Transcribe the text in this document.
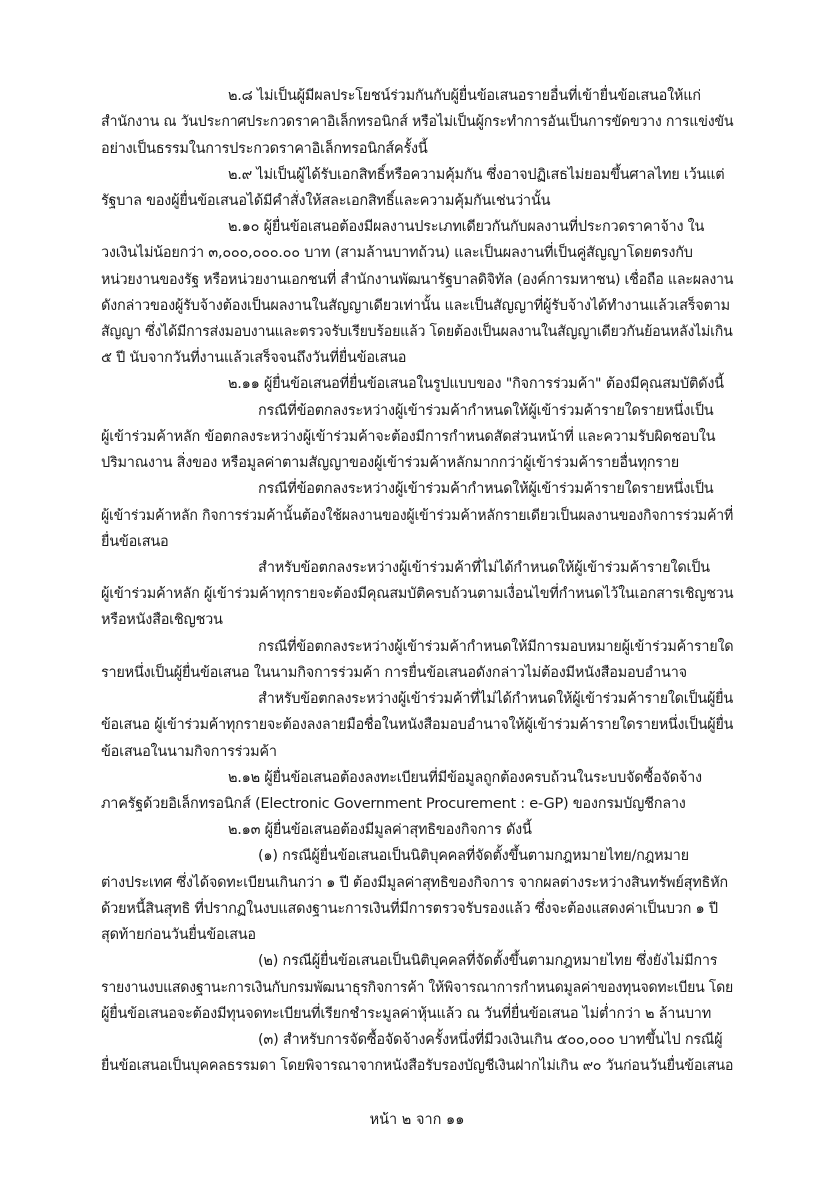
๒.๘ ไม่เป็นผู้มีผลประโยชน์ร่วมกันกับผู้ยื่นข้อเสนอรายอื่นที่เข้ายื่นข้อเสนอให้แก่
สำนักงาน ณ วันประกาศประกวดราคาอิเล็กทรอนิกส์ หรือไม่เป็นผู้กระทำการอันเป็นการขัดขวาง การแข่งขัน
อย่างเป็นธรรมในการประกวดราคาอิเล็กทรอนิกส์ครั้งนี้
๒.๙ ไม่เป็นผู้ได้รับเอกสิทธิ์หรือความคุ้มกัน ซึ่งอาจปฏิเสธไม่ยอมขึ้นศาลไทย เว้นแต่
รัฐบาล ของผู้ยื่นข้อเสนอได้มีคำสั่งให้สละเอกสิทธิ์และความคุ้มกันเช่นว่านั้น
๒.๑๐ ผู้ยื่นข้อเสนอต้องมีผลงานประเภทเดียวกันกับผลงานที่ประกวดราคาจ้าง ใน
วงเงินไม่น้อยกว่า ๓,๐๐๐,๐๐๐.๐๐ บาท (สามล้านบาทถ้วน) และเป็นผลงานที่เป็นคู่สัญญาโดยตรงกับ
หน่วยงานของรัฐ หรือหน่วยงานเอกชนที่ สำนักงานพัฒนารัฐบาลดิจิทัล (องค์การมหาชน) เชื่อถือ และผลงาน
ดังกล่าวของผู้รับจ้างต้องเป็นผลงานในสัญญาเดียวเท่านั้น และเป็นสัญญาที่ผู้รับจ้างได้ทำงานแล้วเสร็จตาม
สัญญา ซึ่งได้มีการส่งมอบงานและตรวจรับเรียบร้อยแล้ว โดยต้องเป็นผลงานในสัญญาเดียวกันย้อนหลังไม่เกิน
๕ ปี นับจากวันที่งานแล้วเสร็จจนถึงวันที่ยื่นข้อเสนอ
๒.๑๑ ผู้ยื่นข้อเสนอที่ยื่นข้อเสนอในรูปแบบของ "กิจการร่วมค้า" ต้องมีคุณสมบัติดังนี้
กรณีที่ข้อตกลงระหว่างผู้เข้าร่วมค้ากำหนดให้ผู้เข้าร่วมค้ารายใดรายหนึ่งเป็น
ผู้เข้าร่วมค้าหลัก ข้อตกลงระหว่างผู้เข้าร่วมค้าจะต้องมีการกำหนดสัดส่วนหน้าที่ และความรับผิดชอบใน
ปริมาณงาน สิ่งของ หรือมูลค่าตามสัญญาของผู้เข้าร่วมค้าหลักมากกว่าผู้เข้าร่วมค้ารายอื่นทุกราย
กรณีที่ข้อตกลงระหว่างผู้เข้าร่วมค้ากำหนดให้ผู้เข้าร่วมค้ารายใดรายหนึ่งเป็น
ผู้เข้าร่วมค้าหลัก กิจการร่วมค้านั้นต้องใช้ผลงานของผู้เข้าร่วมค้าหลักรายเดียวเป็นผลงานของกิจการร่วมค้าที่
ยื่นข้อเสนอ
สำหรับข้อตกลงระหว่างผู้เข้าร่วมค้าที่ไม่ได้กำหนดให้ผู้เข้าร่วมค้ารายใดเป็น
ผู้เข้าร่วมค้าหลัก ผู้เข้าร่วมค้าทุกรายจะต้องมีคุณสมบัติครบถ้วนตามเงื่อนไขที่กำหนดไว้ในเอกสารเชิญชวน
หรือหนังสือเชิญชวน
กรณีที่ข้อตกลงระหว่างผู้เข้าร่วมค้ากำหนดให้มีการมอบหมายผู้เข้าร่วมค้ารายใด
รายหนึ่งเป็นผู้ยื่นข้อเสนอ ในนามกิจการร่วมค้า การยื่นข้อเสนอดังกล่าวไม่ต้องมีหนังสือมอบอำนาจ
สำหรับข้อตกลงระหว่างผู้เข้าร่วมค้าที่ไม่ได้กำหนดให้ผู้เข้าร่วมค้ารายใดเป็นผู้ยื่น
ข้อเสนอ ผู้เข้าร่วมค้าทุกรายจะต้องลงลายมือชื่อในหนังสือมอบอำนาจให้ผู้เข้าร่วมค้ารายใดรายหนึ่งเป็นผู้ยื่น
ข้อเสนอในนามกิจการร่วมค้า
๒.๑๒ ผู้ยื่นข้อเสนอต้องลงทะเบียนที่มีข้อมูลถูกต้องครบถ้วนในระบบจัดซื้อจัดจ้าง
ภาครัฐด้วยอิเล็กทรอนิกส์ (Electronic Government Procurement : e-GP) ของกรมบัญชีกลาง
๒.๑๓ ผู้ยื่นข้อเสนอต้องมีมูลค่าสุทธิของกิจการ ดังนี้
(๑) กรณีผู้ยื่นข้อเสนอเป็นนิติบุคคลที่จัดตั้งขึ้นตามกฎหมายไทย/กฎหมาย
ต่างประเทศ ซึ่งได้จดทะเบียนเกินกว่า ๑ ปี ต้องมีมูลค่าสุทธิของกิจการ จากผลต่างระหว่างสินทรัพย์สุทธิหัก
ด้วยหนี้สินสุทธิ ที่ปรากฏในงบแสดงฐานะการเงินที่มีการตรวจรับรองแล้ว ซึ่งจะต้องแสดงค่าเป็นบวก ๑ ปี
สุดท้ายก่อนวันยื่นข้อเสนอ
(๒) กรณีผู้ยื่นข้อเสนอเป็นนิติบุคคลที่จัดตั้งขึ้นตามกฎหมายไทย ซึ่งยังไม่มีการ
รายงานงบแสดงฐานะการเงินกับกรมพัฒนาธุรกิจการค้า ให้พิจารณาการกำหนดมูลค่าของทุนจดทะเบียน โดย
ผู้ยื่นข้อเสนอจะต้องมีทุนจดทะเบียนที่เรียกชำระมูลค่าหุ้นแล้ว ณ วันที่ยื่นข้อเสนอ ไม่ต่ำกว่า ๒ ล้านบาท
(๓) สำหรับการจัดซื้อจัดจ้างครั้งหนึ่งที่มีวงเงินเกิน ๕๐๐,๐๐๐ บาทขึ้นไป กรณีผู้
ยื่นข้อเสนอเป็นบุคคลธรรมดา โดยพิจารณาจากหนังสือรับรองบัญชีเงินฝากไม่เกิน ๙๐ วันก่อนวันยื่นข้อเสนอ
หน้า ๒ จาก ๑๑
